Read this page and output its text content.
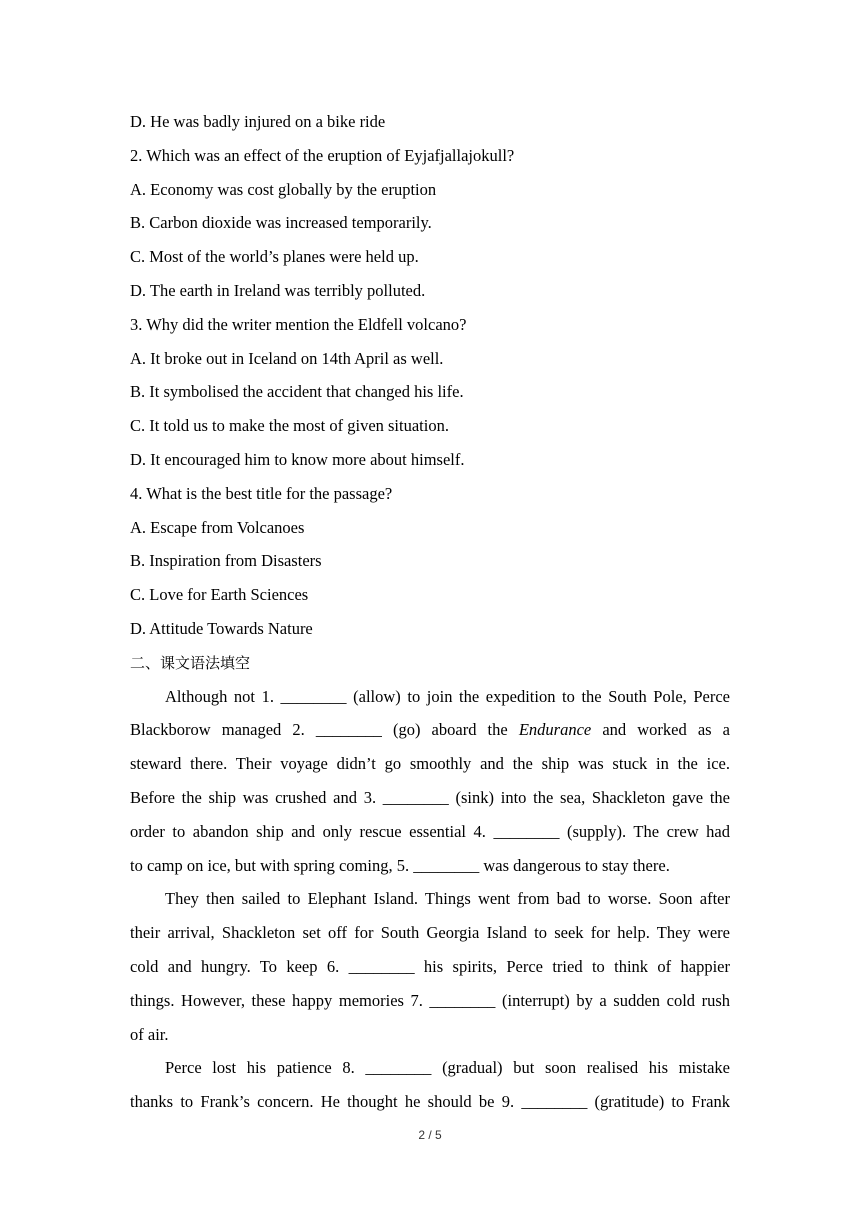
D. He was badly injured on a bike ride
2. Which was an effect of the eruption of Eyjafjallajokull?
A. Economy was cost globally by the eruption
B. Carbon dioxide was increased temporarily.
C. Most of the world’s planes were held up.
D. The earth in Ireland was terribly polluted.
3. Why did the writer mention the Eldfell volcano?
A. It broke out in Iceland on 14th April as well.
B. It symbolised the accident that changed his life.
C. It told us to make the most of given situation.
D. It encouraged him to know more about himself.
4. What is the best title for the passage?
A. Escape from Volcanoes
B. Inspiration from Disasters
C. Love for Earth Sciences
D. Attitude Towards Nature
二、课文语法填空
Although not 1. ________ (allow) to join the expedition to the South Pole, Perce
Blackborow managed 2. ________ (go) aboard the Endurance and worked as a
steward there. Their voyage didn’t go smoothly and the ship was stuck in the ice.
Before the ship was crushed and 3. ________ (sink) into the sea, Shackleton gave the
order to abandon ship and only rescue essential 4. ________ (supply). The crew had
to camp on ice, but with spring coming, 5. ________ was dangerous to stay there.
They then sailed to Elephant Island. Things went from bad to worse. Soon after
their arrival, Shackleton set off for South Georgia Island to seek for help. They were
cold and hungry. To keep 6. ________ his spirits, Perce tried to think of happier
things. However, these happy memories 7. ________ (interrupt) by a sudden cold rush
of air.
Perce lost his patience 8. ________ (gradual) but soon realised his mistake
thanks to Frank’s concern. He thought he should be 9. ________ (gratitude) to Frank
2 / 5
